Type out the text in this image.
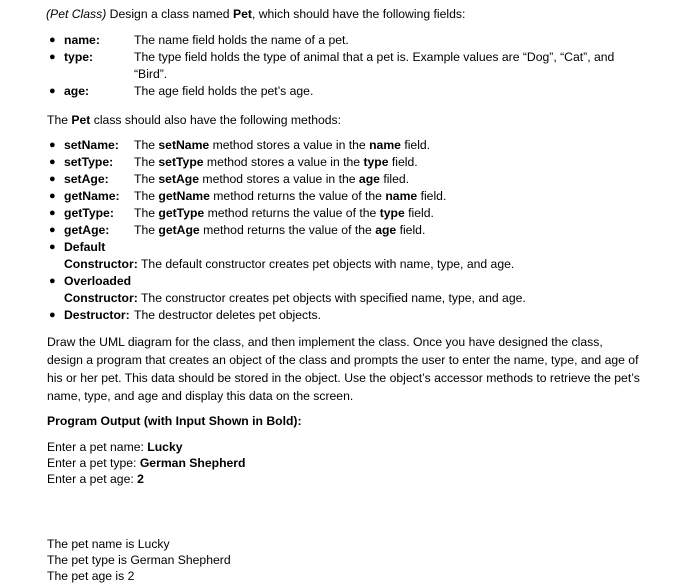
(Pet Class) Design a class named Pet, which should have the following fields:

● name:	The name field holds the name of a pet.
● type:	The type field holds the type of animal that a pet is. Example values are “Dog”, “Cat”, and “Bird”.
● age:	The age field holds the pet’s age.

The Pet class should also have the following methods:

● setName:	The setName method stores a value in the name field.
● setType:	The setType method stores a value in the type field.
● setAge:	The setAge method stores a value in the age filed.
● getName:	The getName method returns the value of the name field.
● getType:	The getType method returns the value of the type field.
● getAge:	The getAge method returns the value of the age field.
● Default
Constructor: The default constructor creates pet objects with name, type, and age.
● Overloaded
Constructor: The constructor creates pet objects with specified name, type, and age.
● Destructor: The destructor deletes pet objects.

Draw the UML diagram for the class, and then implement the class. Once you have designed the class, design a program that creates an object of the class and prompts the user to enter the name, type, and age of his or her pet. This data should be stored in the object. Use the object’s accessor methods to retrieve the pet’s name, type, and age and display this data on the screen.

Program Output (with Input Shown in Bold):

Enter a pet name: Lucky

Enter a pet type: German Shepherd

Enter a pet age: 2

The pet name is Lucky

The pet type is German Shepherd

The pet age is 2
